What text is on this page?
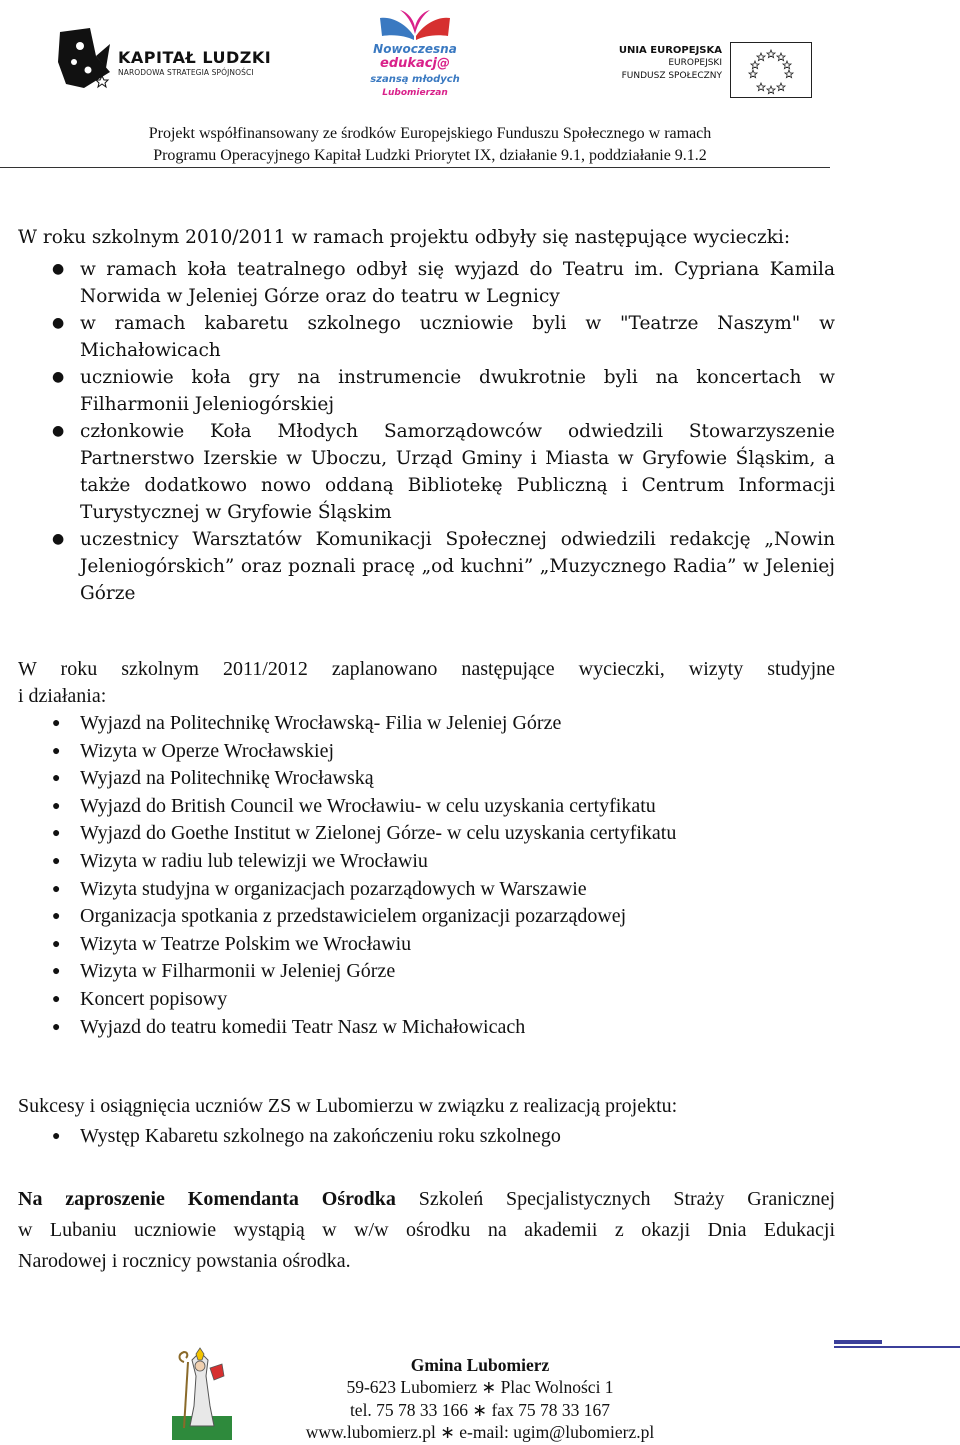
KAPITAŁ LUDZKI
NARODOWA STRATEGIA SPÓJNOŚCI
Nowoczesna
edukacj@
szansą młodych
Lubomierzan
UNIA EUROPEJSKA
EUROPEJSKI
FUNDUSZ SPOŁECZNY
Projekt współfinansowany ze środków Europejskiego Funduszu Społecznego w ramach
Programu Operacyjnego Kapitał Ludzki Priorytet IX, działanie 9.1, poddziałanie 9.1.2
W roku szkolnym 2010/2011 w ramach projektu odbyły się następujące wycieczki:
● w ramach koła teatralnego odbył się wyjazd do Teatru im. Cypriana Kamila Norwida w Jeleniej Górze oraz do teatru w Legnicy
● w ramach kabaretu szkolnego uczniowie byli w "Teatrze Naszym" w Michałowicach
● uczniowie koła gry na instrumencie dwukrotnie byli na koncertach w Filharmonii Jeleniogórskiej
● członkowie Koła Młodych Samorządowców odwiedzili Stowarzyszenie Partnerstwo Izerskie w Uboczu, Urząd Gminy i Miasta w Gryfowie Śląskim, a także dodatkowo nowo oddaną Bibliotekę Publiczną i Centrum Informacji Turystycznej w Gryfowie Śląskim
● uczestnicy Warsztatów Komunikacji Społecznej odwiedzili redakcję „Nowin Jeleniogórskich” oraz poznali pracę „od kuchni” „Muzycznego Radia” w Jeleniej Górze
W roku szkolnym 2011/2012 zaplanowano następujące wycieczki, wizyty studyjne
i działania:
● Wyjazd na Politechnikę Wrocławską- Filia w Jeleniej Górze
● Wizyta w Operze Wrocławskiej
● Wyjazd na Politechnikę Wrocławską
● Wyjazd do British Council we Wrocławiu- w celu uzyskania certyfikatu
● Wyjazd do Goethe Institut w Zielonej Górze- w celu uzyskania certyfikatu
● Wizyta w radiu lub telewizji we Wrocławiu
● Wizyta studyjna w organizacjach pozarządowych w Warszawie
● Organizacja spotkania z przedstawicielem organizacji pozarządowej
● Wizyta w Teatrze Polskim we Wrocławiu
● Wizyta w Filharmonii w Jeleniej Górze
● Koncert popisowy
● Wyjazd do teatru komedii Teatr Nasz w Michałowicach
Sukcesy i osiągnięcia uczniów ZS w Lubomierzu w związku z realizacją projektu:
● Występ Kabaretu szkolnego na zakończeniu roku szkolnego
Na zaproszenie Komendanta Ośrodka Szkoleń Specjalistycznych Straży Granicznej
w Lubaniu uczniowie wystąpią w w/w ośrodku na akademii z okazji Dnia Edukacji
Narodowej i rocznicy powstania ośrodka.
Gmina Lubomierz
59-623 Lubomierz ∗ Plac Wolności 1
tel. 75 78 33 166 ∗ fax 75 78 33 167
www.lubomierz.pl ∗ e-mail: ugim@lubomierz.pl
